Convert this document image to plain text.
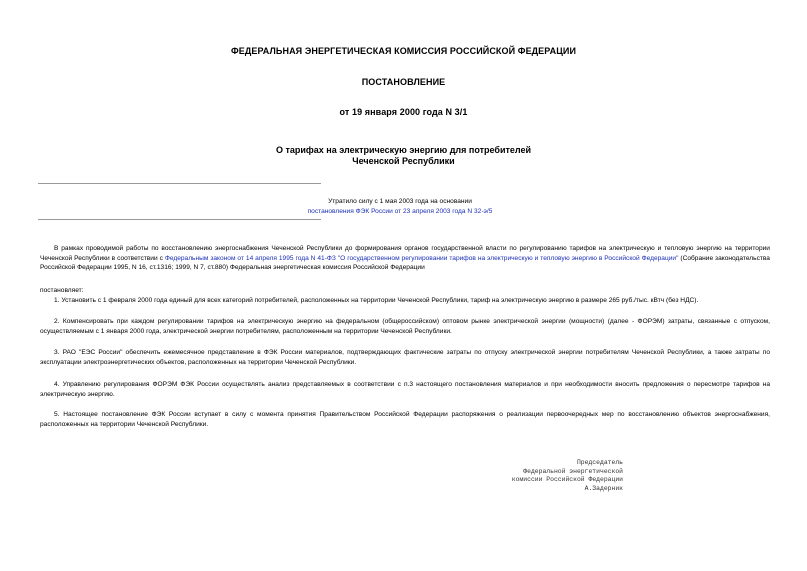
ФЕДЕРАЛЬНАЯ ЭНЕРГЕТИЧЕСКАЯ КОМИССИЯ РОССИЙСКОЙ ФЕДЕРАЦИИ
ПОСТАНОВЛЕНИЕ
от 19 января 2000 года N 3/1
О тарифах на электрическую энергию для потребителей
Чеченской Республики
Утратило силу с 1 мая 2003 года на основании
постановления ФЭК России от 23 апреля 2003 года N 32-э/5
В рамках проводимой работы по восстановлению энергоснабжения Чеченской Республики до формирования органов государственной власти по регулированию тарифов на электрическую и тепловую энергию на территории Чеченской Республики в соответствии с Федеральным законом от 14 апреля 1995 года N 41-ФЗ "О государственном регулировании тарифов на электрическую и тепловую энергию в Российской Федерации" (Собрание законодательства Российской Федерации 1995, N 16, ст.1316; 1999, N 7, ст.880) Федеральная энергетическая комиссия Российской Федерации
постановляет:
1. Установить с 1 февраля 2000 года единый для всех категорий потребителей, расположенных на территории Чеченской Республики, тариф на электрическую энергию в размере 265 руб./тыс. кВтч (без НДС).
2. Компенсировать при каждом регулировании тарифов на электрическую энергию на федеральном (общероссийском) оптовом рынке электрической энергии (мощности) (далее - ФОРЭМ) затраты, связанные с отпуском, осуществляемым с 1 января 2000 года, электрической энергии потребителям, расположенным на территории Чеченской Республики.
3. РАО "ЕЭС России" обеспечить ежемесячное представление в ФЭК России материалов, подтверждающих фактические затраты по отпуску электрической энергии потребителям Чеченской Республики, а также затраты по эксплуатации электроэнергетических объектов, расположенных на территории Чеченской Республики.
4. Управлению регулирования ФОРЭМ ФЭК России осуществлять анализ представляемых в соответствии с п.3 настоящего постановления материалов и при необходимости вносить предложения о пересмотре тарифов на электрическую энергию.
5. Настоящее постановление ФЭК России вступает в силу с момента принятия Правительством Российской Федерации распоряжения о реализации первоочередных мер по восстановлению объектов энергоснабжения, расположенных на территории Чеченской Республики.
Председатель
Федеральной энергетической
комиссии Российской Федерации
А.Задерник
